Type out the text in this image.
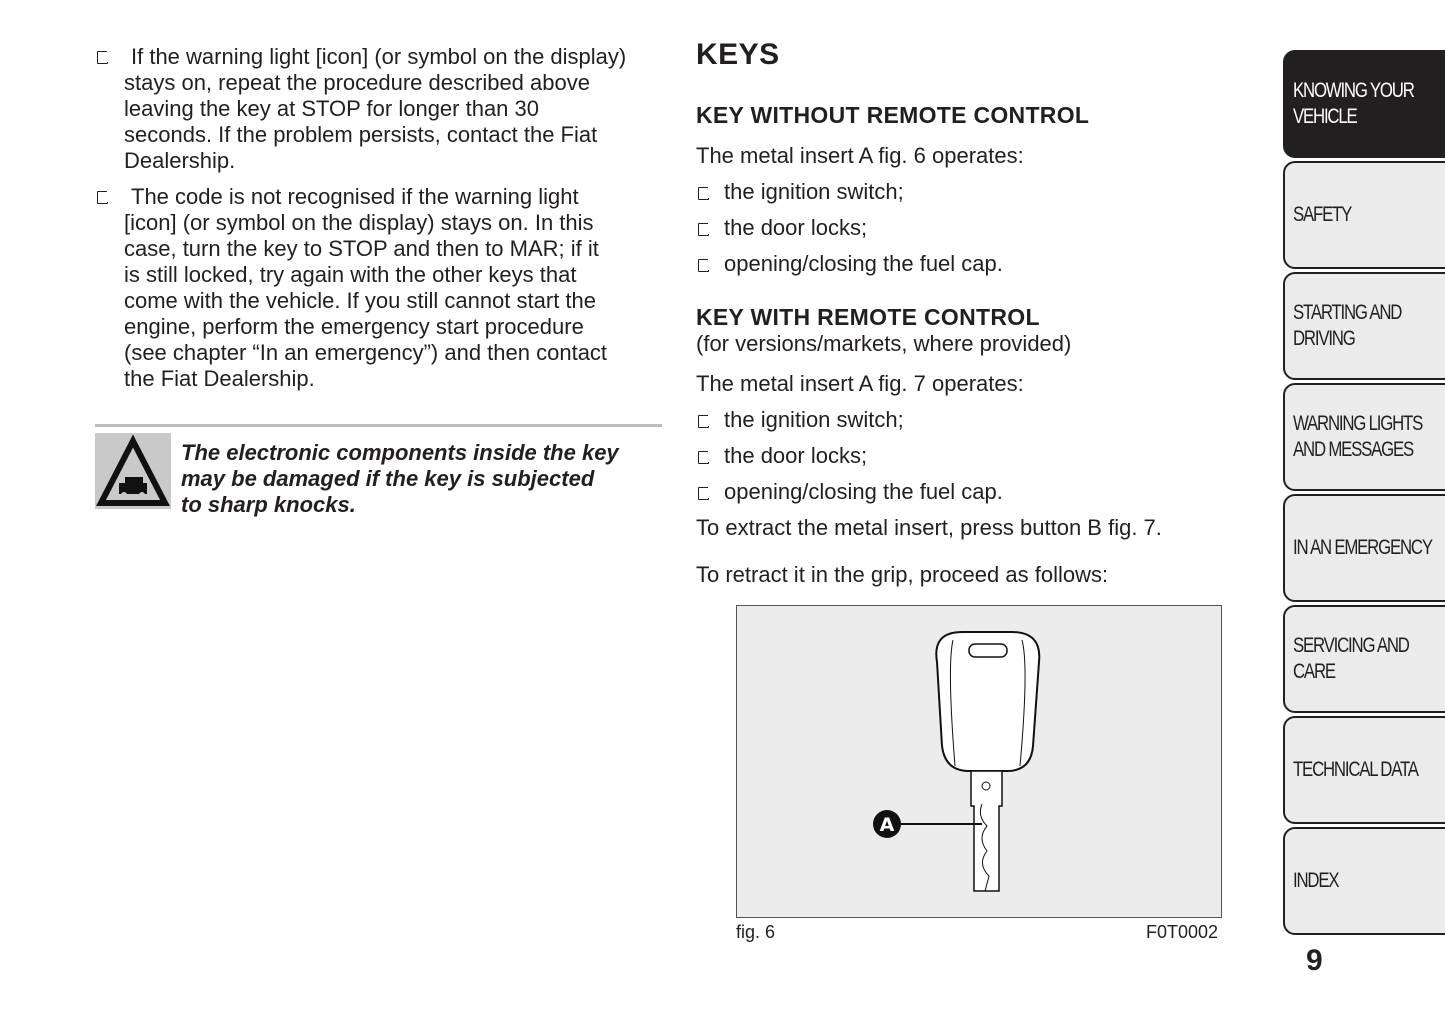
If the warning light [icon] (or symbol on the display)
stays on, repeat the procedure described above
leaving the key at STOP for longer than 30
seconds. If the problem persists, contact the Fiat
Dealership.
The code is not recognised if the warning light
[icon] (or symbol on the display) stays on. In this
case, turn the key to STOP and then to MAR; if it
is still locked, try again with the other keys that
come with the vehicle. If you still cannot start the
engine, perform the emergency start procedure
(see chapter “In an emergency”) and then contact
the Fiat Dealership.
The electronic components inside the key
may be damaged if the key is subjected
to sharp knocks.
KEYS
KEY WITHOUT REMOTE CONTROL
The metal insert A fig. 6 operates:
the ignition switch;
the door locks;
opening/closing the fuel cap.
KEY WITH REMOTE CONTROL
(for versions/markets, where provided)
The metal insert A fig. 7 operates:
the ignition switch;
the door locks;
opening/closing the fuel cap.
To extract the metal insert, press button B fig. 7.
To retract it in the grip, proceed as follows:
A
fig. 6	F0T0002
KNOWING YOUR
VEHICLE
SAFETY
STARTING AND
DRIVING
WARNING LIGHTS
AND MESSAGES
IN AN EMERGENCY
SERVICING AND
CARE
TECHNICAL DATA
INDEX
9
